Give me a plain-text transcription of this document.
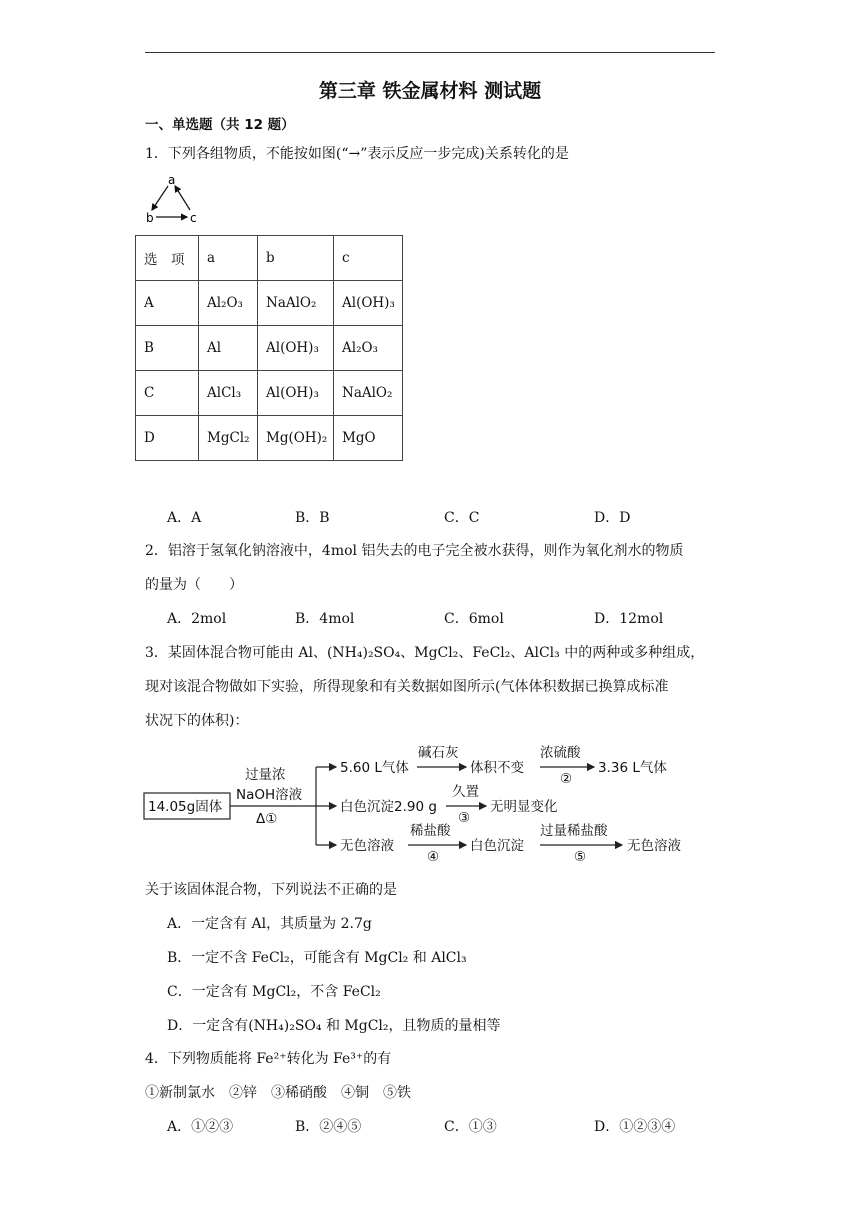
第三章 铁金属材料 测试题
一、单选题（共 12 题）
1．下列各组物质，不能按如图(“→”表示反应一步完成)关系转化的是
a
b	c
选　项	a	b	c
A	Al₂O₃	NaAlO₂	Al(OH)₃
B	Al	Al(OH)₃	Al₂O₃
C	AlCl₃	Al(OH)₃	NaAlO₂
D	MgCl₂	Mg(OH)₂	MgO
A．A	B．B	C．C	D．D
2．铝溶于氢氧化钠溶液中，4mol 铝失去的电子完全被水获得，则作为氧化剂水的物质
的量为（　　）
A．2mol	B．4mol	C．6mol	D．12mol
3．某固体混合物可能由 Al、(NH₄)₂SO₄、MgCl₂、FeCl₂、AlCl₃ 中的两种或多种组成，
现对该混合物做如下实验，所得现象和有关数据如图所示(气体体积数据已换算成标准
状况下的体积)：
14.05g固体
过量浓
NaOH溶液
Δ①
5.60 L气体
碱石灰
体积不变
浓硫酸
②
3.36 L气体
白色沉淀2.90 g
久置
③
无明显变化
无色溶液
稀盐酸
④
白色沉淀
过量稀盐酸
⑤
无色溶液
关于该固体混合物，下列说法不正确的是
A．一定含有 Al，其质量为 2.7g
B．一定不含 FeCl₂，可能含有 MgCl₂ 和 AlCl₃
C．一定含有 MgCl₂，不含 FeCl₂
D．一定含有(NH₄)₂SO₄ 和 MgCl₂，且物质的量相等
4．下列物质能将 Fe²⁺转化为 Fe³⁺的有
①新制氯水　②锌　③稀硝酸　④铜　⑤铁
A．①②③	B．②④⑤	C．①③	D．①②③④
